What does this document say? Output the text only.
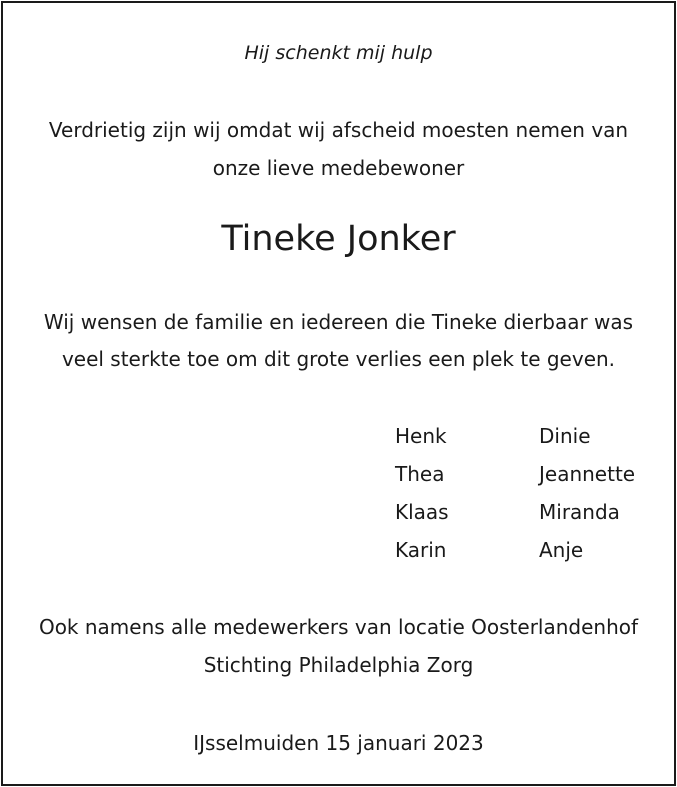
Hij schenkt mij hulp
Verdrietig zijn wij omdat wij afscheid moesten nemen van
onze lieve medebewoner
Tineke Jonker
Wij wensen de familie en iedereen die Tineke dierbaar was
veel sterkte toe om dit grote verlies een plek te geven.
Henk	Dinie
Thea	Jeannette
Klaas	Miranda
Karin	Anje
Ook namens alle medewerkers van locatie Oosterlandenhof
Stichting Philadelphia Zorg
IJsselmuiden 15 januari 2023
